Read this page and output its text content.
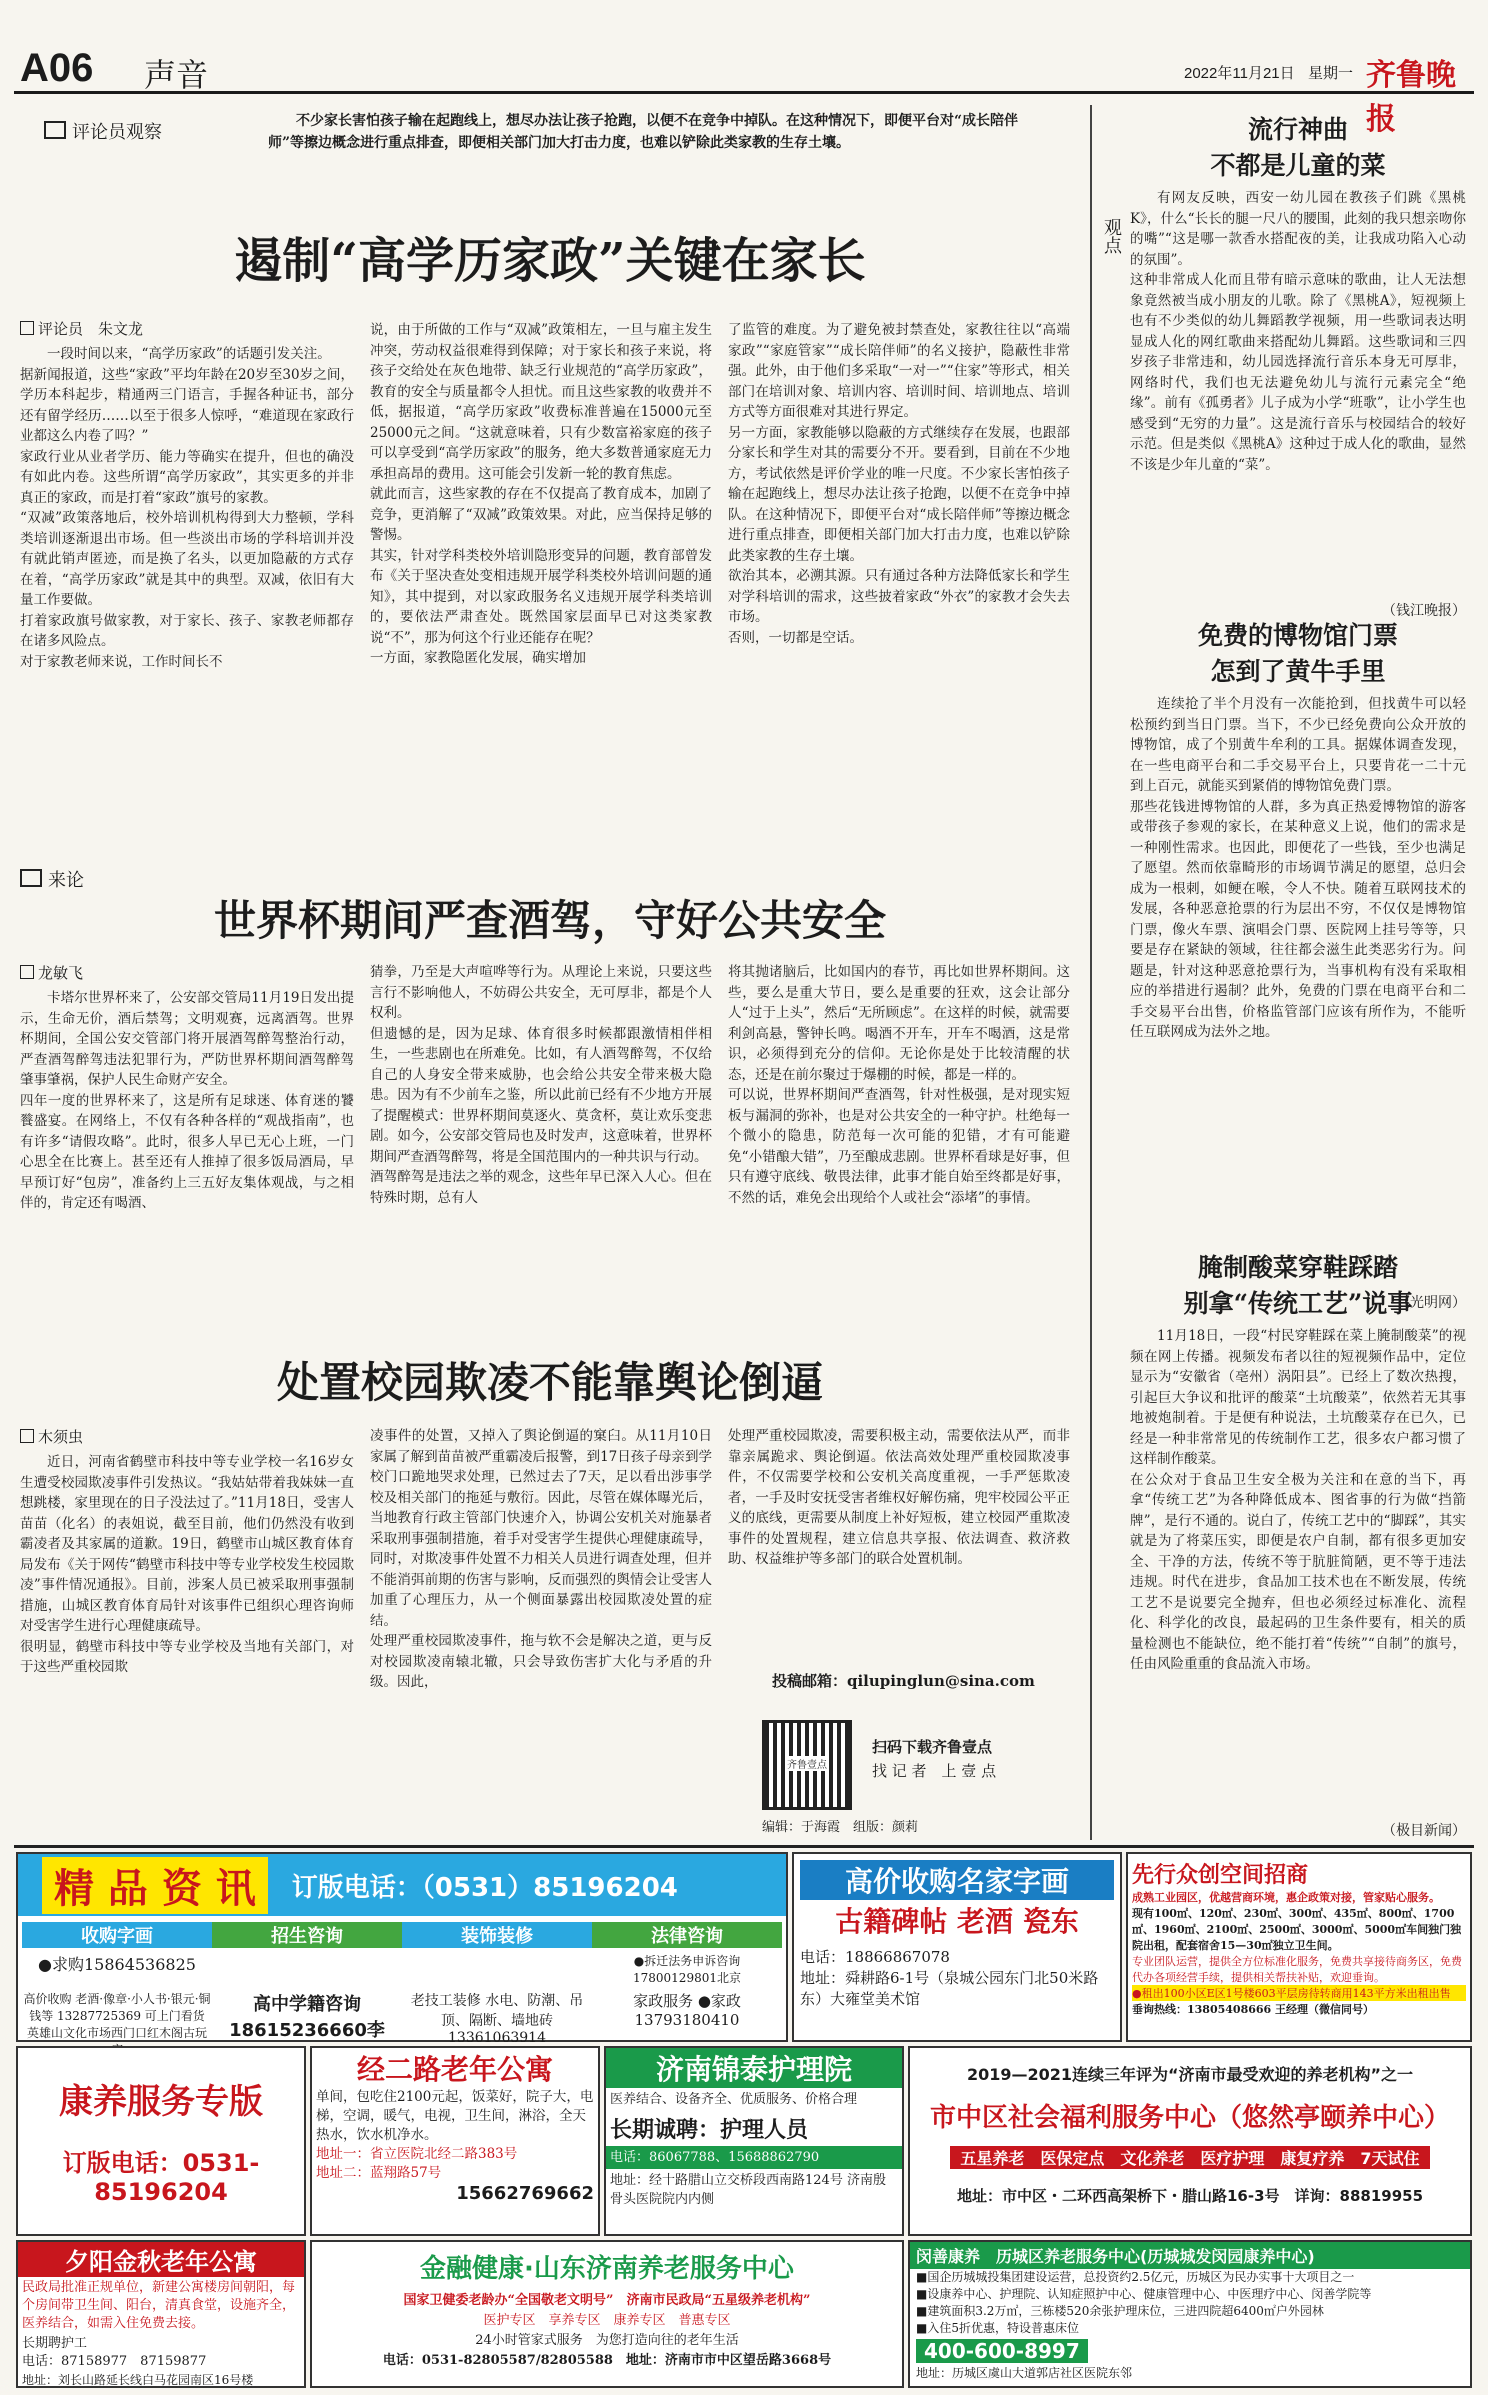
A06 声音	2022年11月21日 星期一 齐鲁晚报
评论员观察
不少家长害怕孩子输在起跑线上，想尽办法让孩子抢跑，以便不在竞争中掉队。在这种情况下，即便平台对“成长陪伴师”等擦边概念进行重点排查，即便相关部门加大打击力度，也难以铲除此类家教的生存土壤。
遏制“高学历家政”关键在家长
评论员　朱文龙
一段时间以来，“高学历家政”的话题引发关注。
据新闻报道，这些“家政”平均年龄在20岁至30岁之间，学历本科起步，精通两三门语言，手握各种证书，部分还有留学经历……以至于很多人惊呼，“难道现在家政行业都这么内卷了吗？”
家政行业从业者学历、能力等确实在提升，但也的确没有如此内卷。这些所谓“高学历家政”，其实更多的并非真正的家政，而是打着“家政”旗号的家教。
“双减”政策落地后，校外培训机构得到大力整顿，学科类培训逐渐退出市场。但一些淡出市场的学科培训并没有就此销声匿迹，而是换了名头，以更加隐蔽的方式存在着，“高学历家政”就是其中的典型。双减，依旧有大量工作要做。
打着家政旗号做家教，对于家长、孩子、家教老师都存在诸多风险点。
对于家教老师来说，工作时间长不
说，由于所做的工作与“双减”政策相左，一旦与雇主发生冲突，劳动权益很难得到保障；对于家长和孩子来说，将孩子交给处在灰色地带、缺乏行业规范的“高学历家政”，教育的安全与质量都令人担忧。而且这些家教的收费并不低，据报道，“高学历家政”收费标准普遍在15000元至25000元之间。“这就意味着，只有少数富裕家庭的孩子可以享受到“高学历家政”的服务，绝大多数普通家庭无力承担高昂的费用。这可能会引发新一轮的教育焦虑。
就此而言，这些家教的存在不仅提高了教育成本，加剧了竞争，更消解了“双减”政策效果。对此，应当保持足够的警惕。
其实，针对学科类校外培训隐形变异的问题，教育部曾发布《关于坚决查处变相违规开展学科类校外培训问题的通知》，其中提到，对以家政服务名义违规开展学科类培训的，要依法严肃查处。既然国家层面早已对这类家教说“不”，那为何这个行业还能存在呢？
一方面，家教隐匿化发展，确实增加
了监管的难度。为了避免被封禁查处，家教往往以“高端家政”“家庭管家”“成长陪伴师”的名义接护，隐蔽性非常强。此外，由于他们多采取“一对一”“住家”等形式，相关部门在培训对象、培训内容、培训时间、培训地点、培训方式等方面很难对其进行界定。
另一方面，家教能够以隐蔽的方式继续存在发展，也跟部分家长和学生对其的需要分不开。要看到，目前在不少地方，考试依然是评价学业的唯一尺度。不少家长害怕孩子输在起跑线上，想尽办法让孩子抢跑，以便不在竞争中掉队。在这种情况下，即便平台对“成长陪伴师”等擦边概念进行重点排查，即便相关部门加大打击力度，也难以铲除此类家教的生存土壤。
欲治其本，必溯其源。只有通过各种方法降低家长和学生对学科培训的需求，这些披着家政“外衣”的家教才会失去市场。
否则，一切都是空话。
来论
世界杯期间严查酒驾，守好公共安全
龙敏飞
卡塔尔世界杯来了，公安部交管局11月19日发出提示，生命无价，酒后禁驾；文明观赛，远离酒驾。世界杯期间，全国公安交管部门将开展酒驾醉驾整治行动，严查酒驾醉驾违法犯罪行为，严防世界杯期间酒驾醉驾肇事肇祸，保护人民生命财产安全。
四年一度的世界杯来了，这是所有足球迷、体育迷的饕餮盛宴。在网络上，不仅有各种各样的“观战指南”，也有许多“请假攻略”。此时，很多人早已无心上班，一门心思全在比赛上。甚至还有人推掉了很多饭局酒局，早早预订好“包房”，准备约上三五好友集体观战，与之相伴的，肯定还有喝酒、
猜拳，乃至是大声喧哗等行为。从理论上来说，只要这些言行不影响他人，不妨碍公共安全，无可厚非，都是个人权利。
但遗憾的是，因为足球、体育很多时候都跟激情相伴相生，一些悲剧也在所难免。比如，有人酒驾醉驾，不仅给自己的人身安全带来威胁，也会给公共安全带来极大隐患。因为有不少前车之鉴，所以此前已经有不少地方开展了提醒模式：世界杯期间莫逐火、莫贪杯，莫让欢乐变悲剧。如今，公安部交管局也及时发声，这意味着，世界杯期间严查酒驾醉驾，将是全国范围内的一种共识与行动。
酒驾醉驾是违法之举的观念，这些年早已深入人心。但在特殊时期，总有人
将其抛诸脑后，比如国内的春节，再比如世界杯期间。这些，要么是重大节日，要么是重要的狂欢，这会让部分人“过于上头”，然后“无所顾虑”。在这样的时候，就需要利剑高悬，警钟长鸣。喝酒不开车，开车不喝酒，这是常识，必须得到充分的信仰。无论你是处于比较清醒的状态，还是在前尔聚过于爆棚的时候，都是一样的。
可以说，世界杯期间严查酒驾，针对性极强，是对现实短板与漏洞的弥补，也是对公共安全的一种守护。杜绝每一个微小的隐患，防范每一次可能的犯错，才有可能避免“小错酿大错”，乃至酿成悲剧。世界杯看球是好事，但只有遵守底线、敬畏法律，此事才能自始至终都是好事，不然的话，难免会出现给个人或社会“添堵”的事情。
处置校园欺凌不能靠舆论倒逼
木须虫
近日，河南省鹤壁市科技中等专业学校一名16岁女生遭受校园欺凌事件引发热议。“我姑姑带着我妹妹一直想跳楼，家里现在的日子没法过了。”11月18日，受害人苗苗（化名）的表姐说，截至目前，他们仍然没有收到霸凌者及其家属的道歉。19日，鹤壁市山城区教育体育局发布《关于网传“鹤壁市科技中等专业学校发生校园欺凌”事件情况通报》。目前，涉案人员已被采取刑事强制措施，山城区教育体育局针对该事件已组织心理咨询师对受害学生进行心理健康疏导。
很明显，鹤壁市科技中等专业学校及当地有关部门，对于这些严重校园欺
凌事件的处置，又掉入了舆论倒逼的窠臼。从11月10日家属了解到苗苗被严重霸凌后报警，到17日孩子母亲到学校门口跪地哭求处理，已然过去了7天，足以看出涉事学校及相关部门的拖延与敷衍。因此，尽管在媒体曝光后，当地教育行政主管部门快速介入，协调公安机关对施暴者采取刑事强制措施，着手对受害学生提供心理健康疏导，同时，对欺凌事件处置不力相关人员进行调查处理，但并不能消弭前期的伤害与影响，反而强烈的舆情会让受害人加重了心理压力，从一个侧面暴露出校园欺凌处置的症结。
处理严重校园欺凌事件，拖与软不会是解决之道，更与反对校园欺凌南辕北辙，只会导致伤害扩大化与矛盾的升级。因此，
处理严重校园欺凌，需要积极主动，需要依法从严，而非靠亲属跪求、舆论倒逼。依法高效处理严重校园欺凌事件，不仅需要学校和公安机关高度重视，一手严惩欺凌者，一手及时安抚受害者维权好解伤痛，兜牢校园公平正义的底线，更需要从制度上补好短板，建立校园严重欺凌事件的处置规程，建立信息共享报、依法调查、救济救助、权益维护等多部门的联合处置机制。
投稿邮箱：qilupinglun@sina.com
齐鲁壹点
扫码下载齐鲁壹点
找 记 者　上 壹 点
编辑：于海霞　组版：颜莉
观点
流行神曲
不都是儿童的菜
有网友反映，西安一幼儿园在教孩子们跳《黑桃K》，什么“长长的腿一尺八的腰围，此刻的我只想亲吻你的嘴”“这是哪一款香水搭配夜的美，让我成功陷入心动的氛围”。
这种非常成人化而且带有暗示意味的歌曲，让人无法想象竟然被当成小朋友的儿歌。除了《黑桃A》，短视频上也有不少类似的幼儿舞蹈教学视频，用一些歌词表达明显成人化的网红歌曲来搭配幼儿舞蹈。这些歌词和三四岁孩子非常违和，幼儿园选择流行音乐本身无可厚非，网络时代，我们也无法避免幼儿与流行元素完全“绝缘”。前有《孤勇者》儿子成为小学“班歌”，让小学生也感受到“无穷的力量”。这是流行音乐与校园结合的较好示范。但是类似《黑桃A》这种过于成人化的歌曲，显然不该是少年儿童的“菜”。
（钱江晚报）
免费的博物馆门票
怎到了黄牛手里
连续抢了半个月没有一次能抢到，但找黄牛可以轻松预约到当日门票。当下，不少已经免费向公众开放的博物馆，成了个别黄牛牟利的工具。据媒体调查发现，在一些电商平台和二手交易平台上，只要肯花一二十元到上百元，就能买到紧俏的博物馆免费门票。
那些花钱进博物馆的人群，多为真正热爱博物馆的游客或带孩子参观的家长，在某种意义上说，他们的需求是一种刚性需求。也因此，即便花了一些钱，至少也满足了愿望。然而依靠畸形的市场调节满足的愿望，总归会成为一根刺，如鲠在喉，令人不快。随着互联网技术的发展，各种恶意抢票的行为层出不穷，不仅仅是博物馆门票，像火车票、演唱会门票、医院网上挂号等等，只要是存在紧缺的领域，往往都会滋生此类恶劣行为。问题是，针对这种恶意抢票行为，当事机构有没有采取相应的举措进行遏制？此外，免费的门票在电商平台和二手交易平台出售，价格监管部门应该有所作为，不能听任互联网成为法外之地。
（光明网）
腌制酸菜穿鞋踩踏
别拿“传统工艺”说事
11月18日，一段“村民穿鞋踩在菜上腌制酸菜”的视频在网上传播。视频发布者以往的短视频作品中，定位显示为“安徽省（亳州）涡阳县”。已经上了数次热搜，引起巨大争议和批评的酸菜“土坑酸菜”，依然若无其事地被炮制着。于是便有种说法，土坑酸菜存在已久，已经是一种非常常见的传统制作工艺，很多农户都习惯了这样制作酸菜。
在公众对于食品卫生安全极为关注和在意的当下，再拿“传统工艺”为各种降低成本、图省事的行为做“挡箭牌”，是行不通的。说白了，传统工艺中的“脚踩”，其实就是为了将菜压实，即便是农户自制，都有很多更加安全、干净的方法，传统不等于肮脏简陋，更不等于违法违规。时代在进步，食品加工技术也在不断发展，传统工艺不是说要完全抛弃，但也必须经过标准化、流程化、科学化的改良，最起码的卫生条件要有，相关的质量检测也不能缺位，绝不能打着“传统”“自制”的旗号，任由风险重重的食品流入市场。
（极目新闻）
精 品 资 讯	订版电话：（0531）85196204
收购字画	招生咨询	装饰装修	法律咨询
●求购15864536825	●拆迁法务申诉咨询 17800129801北京
高价收购 老酒·像章·小人书·银元·铜钱等 13287725369 可上门看货 英雄山文化市场西门口红木阁古玩
高中学籍咨询 18615236660李
老技工装修 水电、防潮、吊顶、隔断、墙地砖13361063914
家政服务 ●家政13793180410
高价收购名家字画
古籍碑帖 老酒 瓷东
电话：18866867078
地址：舜耕路6-1号（泉城公园东门北50米路东）大雍堂美术馆
先行众创空间招商
成熟工业园区，优越营商环境，惠企政策对接，管家贴心服务。
现有100㎡、120㎡、230㎡、300㎡、435㎡、800㎡、1700㎡、1960㎡、2100㎡、2500㎡、3000㎡、5000㎡车间独门独院出租，配套宿舍15—30㎡独立卫生间。
专业团队运营，提供全方位标准化服务，免费共享接待商务区，免费代办各项经营手续，提供相关帮扶补贴，欢迎垂询。
●租出100小区E区1号楼603平层房待转商用143平方米出租出售
垂询热线：13805408666 王经理（微信同号）
康养服务专版
订版电话：0531-85196204
经二路老年公寓
单间，包吃住2100元起，饭菜好，院子大，电梯，空调，暖气，电视，卫生间，淋浴，全天热水，饮水机净水。
地址一：省立医院北经二路383号
地址二：蓝翔路57号
15662769662
济南锦泰护理院
医养结合、设备齐全、优质服务、价格合理
长期诚聘：护理人员
电话：86067788、15688862790
地址：经十路腊山立交桥段西南路124号 济南殷骨头医院院内内侧
2019—2021连续三年评为“济南市最受欢迎的养老机构”之一
市中区社会福利服务中心（悠然亭颐养中心）
五星养老　医保定点　文化养老　医疗护理　康复疗养　7天试住
地址：市中区・二环西高架桥下・腊山路16-3号　详询：88819955
夕阳金秋老年公寓
民政局批准正规单位，新建公寓楼房间朝阳，每个房间带卫生间、阳台，清真食堂，设施齐全，医养结合，如需入住免费去接。
长期聘护工
电话：87158977　87159877
地址：刘长山路延长线白马花园南区16号楼
金融健康·山东济南养老服务中心
国家卫健委老龄办“全国敬老文明号”　济南市民政局“五星级养老机构”
医护专区　享养专区　康养专区　普惠专区
24小时管家式服务　为您打造向往的老年生活
电话：0531-82805587/82805588　地址：济南市市中区望岳路3668号
闵善康养　 历城区养老服务中心(历城城发闵园康养中心)
■国企历城城投集团建设运营，总投资约2.5亿元，历城区为民办实事十大项目之一
■设康养中心、护理院、认知症照护中心、健康管理中心、中医理疗中心、闵善学院等
■建筑面积3.2万㎡，三栋楼520余张护理床位，三进四院超6400㎡户外园林
■入住5折优惠，特设普惠床位
400-600-8997
地址：历城区虞山大道郭店社区医院东邻
